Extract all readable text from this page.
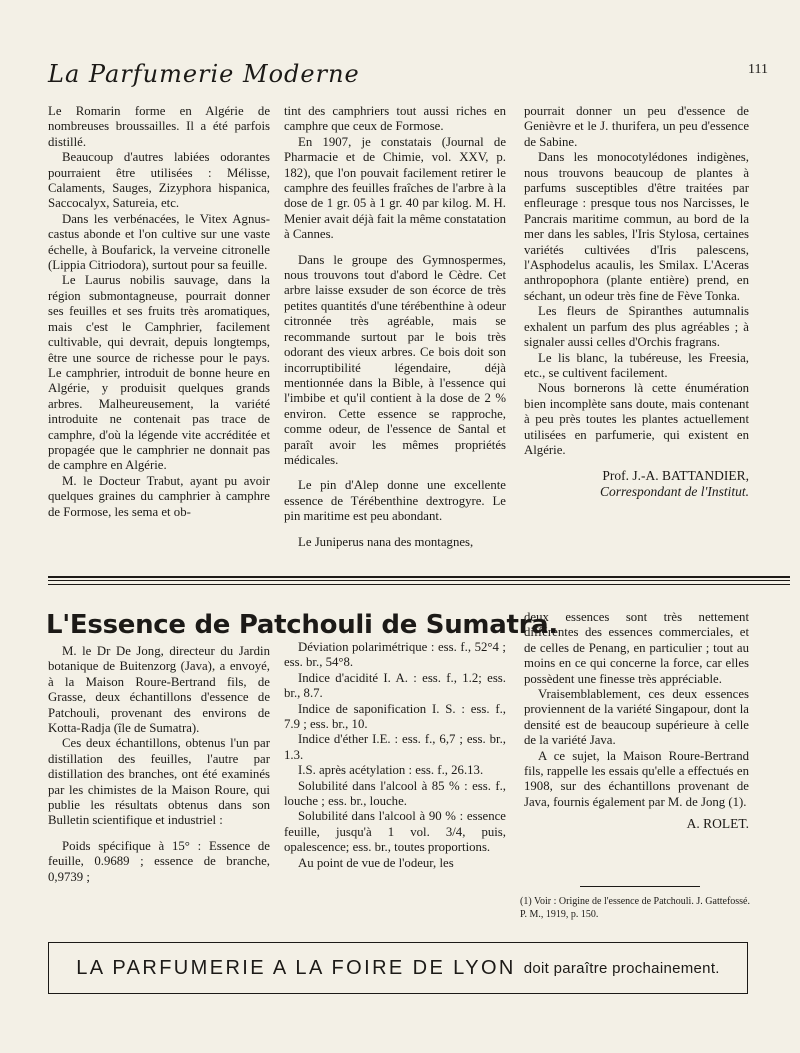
La Parfumerie Moderne	111

Le Romarin forme en Algérie de nombreuses broussailles. Il a été parfois distillé.

Beaucoup d'autres labiées odorantes pourraient être utilisées : Mélisse, Calaments, Sauges, Zizyphora hispanica, Saccocalyx, Satureia, etc.

Dans les verbénacées, le Vitex Agnus-castus abonde et l'on cultive sur une vaste échelle, à Boufarick, la verveine citronelle (Lippia Citriodora), surtout pour sa feuille.

Le Laurus nobilis sauvage, dans la région submontagneuse, pourrait donner ses feuilles et ses fruits très aromatiques, mais c'est le Camphrier, facilement cultivable, qui devrait, depuis longtemps, être une source de richesse pour le pays. Le camphrier, introduit de bonne heure en Algérie, y produisit quelques grands arbres. Malheureusement, la variété introduite ne contenait pas trace de camphre, d'où la légende vite accréditée et propagée que le camphrier ne donnait pas de camphre en Algérie.

M. le Docteur Trabut, ayant pu avoir quelques graines du camphrier à camphre de Formose, les sema et ob-

tint des camphriers tout aussi riches en camphre que ceux de Formose.

En 1907, je constatais (Journal de Pharmacie et de Chimie, vol. XXV, p. 182), que l'on pouvait facilement retirer le camphre des feuilles fraîches de l'arbre à la dose de 1 gr. 05 à 1 gr. 40 par kilog. M. H. Menier avait déjà fait la même constatation à Cannes.

Dans le groupe des Gymnospermes, nous trouvons tout d'abord le Cèdre. Cet arbre laisse exsuder de son écorce de très petites quantités d'une térébenthine à odeur citronnée très agréable, mais se recommande surtout par le bois très odorant des vieux arbres. Ce bois doit son incorruptibilité légendaire, déjà mentionnée dans la Bible, à l'essence qui l'imbibe et qu'il contient à la dose de 2 % environ. Cette essence se rapproche, comme odeur, de l'essence de Santal et paraît avoir les mêmes propriétés médicales.

Le pin d'Alep donne une excellente essence de Térébenthine dextrogyre. Le pin maritime est peu abondant.

Le Juniperus nana des montagnes,

pourrait donner un peu d'essence de Genièvre et le J. thurifera, un peu d'essence de Sabine.

Dans les monocotylédones indigènes, nous trouvons beaucoup de plantes à parfums susceptibles d'être traitées par enfleurage : presque tous nos Narcisses, le Pancrais maritime commun, au bord de la mer dans les sables, l'Iris Stylosa, certaines variétés cultivées d'Iris palescens, l'Asphodelus acaulis, les Smilax. L'Aceras anthropophora (plante entière) prend, en séchant, un odeur très fine de Fève Tonka.

Les fleurs de Spiranthes autumnalis exhalent un parfum des plus agréables ; à signaler aussi celles d'Orchis fragrans.

Le lis blanc, la tubéreuse, les Freesia, etc., se cultivent facilement.

Nous bornerons là cette énumération bien incomplète sans doute, mais contenant à peu près toutes les plantes actuellement utilisées en parfumerie, qui existent en Algérie.

Prof. J.-A. BATTANDIER,

Correspondant de l'Institut.

L'Essence de Patchouli de Sumatra.

M. le Dr De Jong, directeur du Jardin botanique de Buitenzorg (Java), a envoyé, à la Maison Roure-Bertrand fils, de Grasse, deux échantillons d'essence de Patchouli, provenant des environs de Kotta-Radja (île de Sumatra).

Ces deux échantillons, obtenus l'un par distillation des feuilles, l'autre par distillation des branches, ont été examinés par les chimistes de la Maison Roure, qui publie les résultats obtenus dans son Bulletin scientifique et industriel :

Poids spécifique à 15° : Essence de feuille, 0.9689 ; essence de branche, 0,9739 ;

Déviation polarimétrique : ess. f., 52°4 ; ess. br., 54°8.

Indice d'acidité I. A. : ess. f., 1.2; ess. br., 8.7.

Indice de saponification I. S. : ess. f., 7.9 ; ess. br., 10.

Indice d'éther I.E. : ess. f., 6,7 ; ess. br., 1.3.

I.S. après acétylation : ess. f., 26.13.

Solubilité dans l'alcool à 85 % : ess. f., louche ; ess. br., louche.

Solubilité dans l'alcool à 90 % : essence feuille, jusqu'à 1 vol. 3/4, puis, opalescence; ess. br., toutes proportions.

Au point de vue de l'odeur, les

deux essences sont très nettement différentes des essences commerciales, et de celles de Penang, en particulier ; tout au moins en ce qui concerne la force, car elles possèdent une finesse très appréciable.

Vraisemblablement, ces deux essences proviennent de la variété Singapour, dont la densité est de beaucoup supérieure à celle de la variété Java.

A ce sujet, la Maison Roure-Bertrand fils, rappelle les essais qu'elle a effectués en 1908, sur des échantillons provenant de Java, fournis également par M. de Jong (1).

A. ROLET.

(1) Voir : Origine de l'essence de Patchouli. J. Gattefossé. P. M., 1919, p. 150.
LA PARFUMERIE A LA FOIRE DE LYON doit paraître prochainement.
